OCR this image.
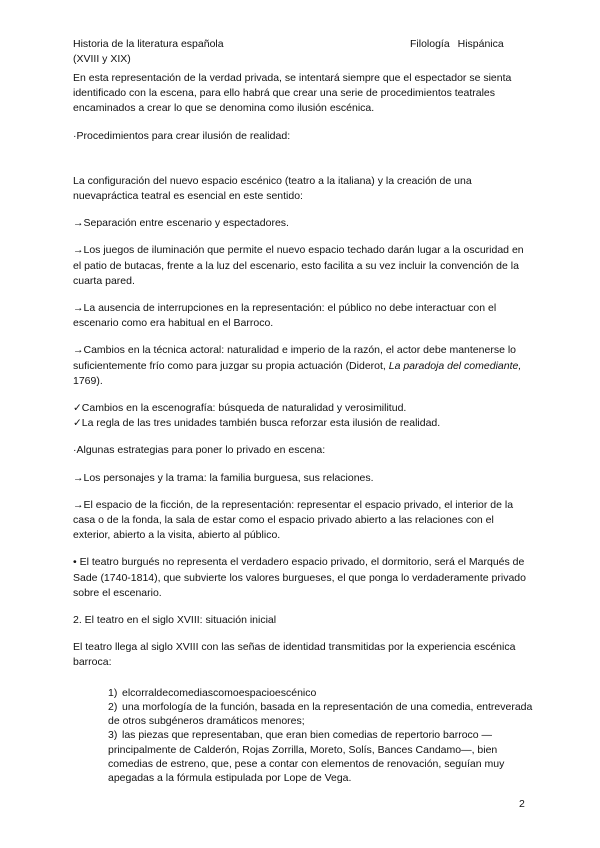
Historia de la literatura española
(XVIII y XIX)
Filología Hispánica

En esta representación de la verdad privada, se intentará siempre que el espectador se sienta identificado con la escena, para ello habrá que crear una serie de procedimientos teatrales encaminados a crear lo que se denomina como ilusión escénica.

·Procedimientos para crear ilusión de realidad:

La configuración del nuevo espacio escénico (teatro a la italiana) y la creación de una nuevapráctica teatral es esencial en este sentido:

→Separación entre escenario y espectadores.

→Los juegos de iluminación que permite el nuevo espacio techado darán lugar a la oscuridad en el patio de butacas, frente a la luz del escenario, esto facilita a su vez incluir la convención de la cuarta pared.

→La ausencia de interrupciones en la representación: el público no debe interactuar con el escenario como era habitual en el Barroco.

→Cambios en la técnica actoral: naturalidad e imperio de la razón, el actor debe mantenerse lo suficientemente frío como para juzgar su propia actuación (Diderot, La paradoja del comediante, 1769).

✓Cambios en la escenografía: búsqueda de naturalidad y verosimilitud.

✓La regla de las tres unidades también busca reforzar esta ilusión de realidad.

·Algunas estrategias para poner lo privado en escena:

→Los personajes y la trama: la familia burguesa, sus relaciones.

→El espacio de la ficción, de la representación: representar el espacio privado, el interior de la casa o de la fonda, la sala de estar como el espacio privado abierto a las relaciones con el exterior, abierto a la visita, abierto al público.

• El teatro burgués no representa el verdadero espacio privado, el dormitorio, será el Marqués de Sade (1740-1814), que subvierte los valores burgueses, el que ponga lo verdaderamente privado sobre el escenario.

2. El teatro en el siglo XVIII: situación inicial

El teatro llega al siglo XVIII con las señas de identidad transmitidas por la experiencia escénica barroca:

1) elcorraldecomediascomoespacioescénico
2) una morfología de la función, basada en la representación de una comedia, entreverada de otros subgéneros dramáticos menores;
3) las piezas que representaban, que eran bien comedias de repertorio barroco —principalmente de Calderón, Rojas Zorrilla, Moreto, Solís, Bances Candamo—, bien comedias de estreno, que, pese a contar con elementos de renovación, seguían muy apegadas a la fórmula estipulada por Lope de Vega.
2
